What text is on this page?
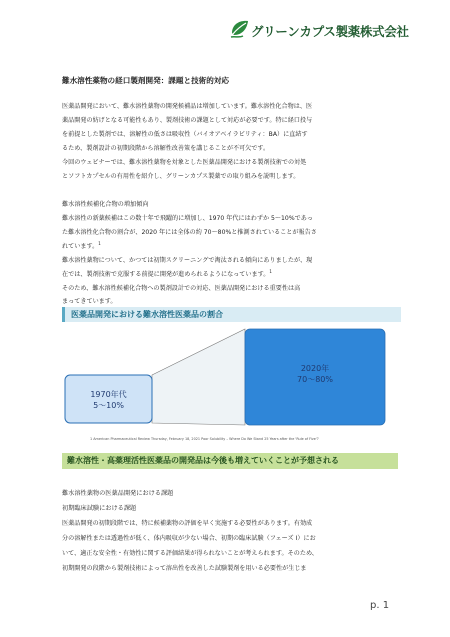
グリーンカプス製薬株式会社
難水溶性薬物の経口製剤開発：課題と技術的対応
医薬品開発において、難水溶性薬物の開発候補品は増加しています。難水溶性化合物は、医
薬品開発の妨げとなる可能性もあり、製剤技術の課題として対応が必要です。特に経口投与
を前提とした製剤では、溶解性の低さは吸収性（バイオアベイラビリティ：BA）に直結す
るため、製剤設計の初期段階から溶解性改善策を講じることが不可欠です。
今回のウェビナーでは、難水溶性薬物を対象とした医薬品開発における製剤技術での対処
とソフトカプセルの有用性を紹介し、グリーンカプス製薬での取り組みを説明します。
難水溶性候補化合物の増加傾向
難水溶性の新薬候補はこの数十年で飛躍的に増加し、1970 年代にはわずか 5～10%であっ
た難水溶性化合物の割合が、2020 年には全体の約 70～80%と推測されていることが報告さ
れています。$^1$
難水溶性薬物について、かつては初期スクリーニングで淘汰される傾向にありましたが、現
在では、製剤技術で克服する前提に開発が進められるようになっています。$^1$
そのため、難水溶性候補化合物への製剤設計での対応、医薬品開発における重要性は高
まってきています。
医薬品開発における難水溶性医薬品の割合
2020年
70～80%
1970年代
5～10%
1 American Pharmaceutical Review Thursday, February 18, 2021 Poor Solubility – Where Do We Stand 25 Years after the 'Rule of Five'?
難水溶性・高薬理活性医薬品の開発品は今後も増えていくことが予想される
難水溶性薬物の医薬品開発における課題
初期臨床試験における課題
医薬品開発の初期段階では、特に候補薬物の評価を早く実施する必要性があります。有効成
分の溶解性または透過性が低く、体内吸収が少ない場合、初期の臨床試験（フェーズ I）にお
いて、適正な安全性・有効性に関する評価結果が得られないことが考えられます。そのため、
初期開発の段階から製剤技術によって溶出性を改善した試験製剤を用いる必要性が生じま
p. 1
